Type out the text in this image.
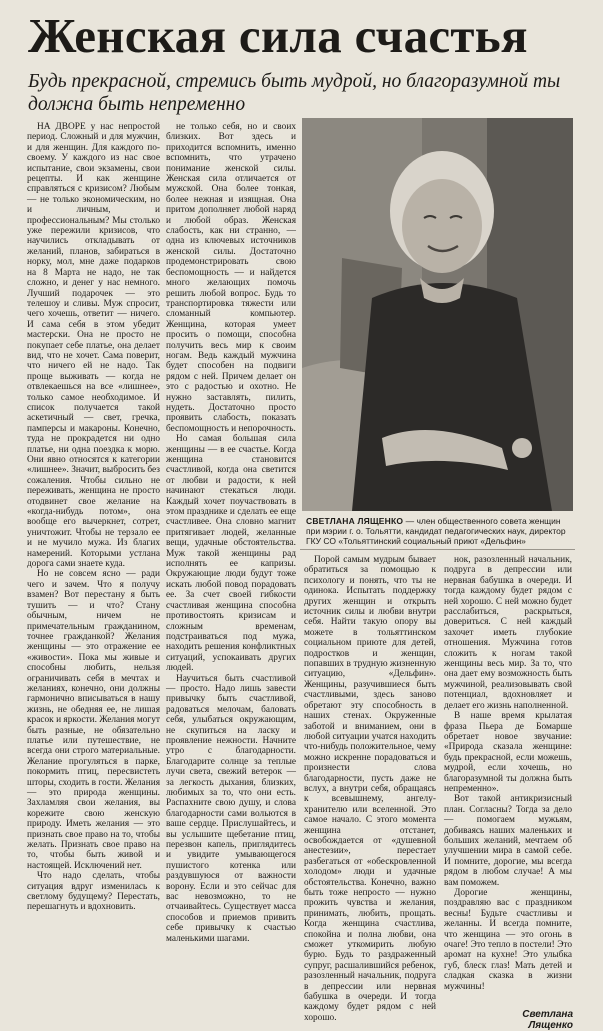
Женская сила счастья
Будь прекрасной, стремись быть мудрой, но благоразумной ты должна быть непременно

НА ДВОРЕ у нас непростой период. Сложный и для мужчин, и для женщин. Для каждого по-своему. У каждого из нас свое испытание, свои экзамены, свои рецепты. И как женщине справляться с кризисом? Любым — не только экономическим, но и личным, и профессиональным? Мы столько уже пережили кризисов, что научились откладывать от желаний, планов, забираться в норку, мол, мне даже подарков на 8 Марта не надо, не так сложно, и денег у нас немного. Лучший подарочек — это телешоу и сливы. Муж спросит, чего хочешь, ответит — ничего. И сама себя в этом убедит мастерски. Она не просто не покупает себе платье, она делает вид, что не хочет. Сама поверит, что ничего ей не надо. Так проще выживать — когда не отвлекаешься на все «лишнее», только самое необходимое. И список получается такой аскетичный — свет, гречка, памперсы и макароны. Конечно, туда не прокрадется ни одно платье, ни одна поездка к морю. Они явно относятся к категории «лишнее». Значит, выбросить без сожаления. Чтобы сильно не переживать, женщина не просто отодвинет свое желание на «когда-нибудь потом», она вообще его вычеркнет, сотрет, уничтожит. Чтобы не терзало ее и не мучило мужа. Из благих намерений. Которыми устлана дорога сами знаете куда.

Но не совсем ясно — ради чего и зачем. Что я получу взамен? Вот перестану я быть тушить — и что? Стану обычным, ничем не примечательным гражданином, точнее гражданкой? Желания женщины — это отражение ее «живости». Пока мы живые и способны любить, нельзя ограничивать себя в мечтах и желаниях, конечно, они должны гармонично вписываться в нашу жизнь, не обедняя ее, не лишая красок и яркости. Желания могут быть разные, не обязательно платье или путешествие, не всегда они строго материальные. Желание прогуляться в парке, покормить птиц, пересвистеть шторы, сходить в гости. Желания — это природа женщины. Захламляя свои желания, вы корежите свою женскую природу. Иметь желания — это признать свое право на то, чтобы желать. Признать свое право на то, чтобы быть живой и настоящей. Исключений нет.

Что надо сделать, чтобы ситуация вдруг изменилась к светлому будущему? Перестать, перешагнуть и вдохновить.

не только себя, но и своих близких. Вот здесь и приходится вспомнить, именно вспомнить, что утрачено понимание женской силы. Женская сила отличается от мужской. Она более тонкая, более нежная и изящная. Она притом дополняет любой наряд и любой образ. Женская слабость, как ни странно, — одна из ключевых источников женской силы. Достаточно продемонстрировать свою беспомощность — и найдется много желающих помочь решить любой вопрос. Будь то транспортировка тяжести или сломанный компьютер. Женщина, которая умеет просить о помощи, способна получить весь мир к своим ногам. Ведь каждый мужчина будет способен на подвиги рядом с ней. Причем делает он это с радостью и охотно. Не нужно заставлять, пилить, нудеть. Достаточно просто проявить слабость, показать беспомощность и непорочность.

Но самая большая сила женщины — в ее счастье. Когда женщина становится счастливой, когда она светится от любви и радости, к ней начинают стекаться люди. Каждый хочет поучаствовать в этом празднике и сделать ее еще счастливее. Она словно магнит притягивает людей, желанные вещи, удачные обстоятельства. Муж такой женщины рад исполнять ее капризы. Окружающие люди будут тоже искать любой повод порадовать ее. За счет своей гибкости счастливая женщина способна противостоять кризисам и сложным временам, подстраиваться под мужа, находить решения конфликтных ситуаций, успокаивать других людей.

Научиться быть счастливой — просто. Надо лишь завести привычку быть счастливой, радоваться мелочам, баловать себя, улыбаться окружающим, не скупиться на ласку и проявление нежности. Начните утро с благодарности. Благодарите солнце за теплые лучи света, свежий ветерок — за легкость дыхания, близких, любимых за то, что они есть. Распахните свою душу, и слова благодарности сами вольются в ваше сердце. Прислушайтесь, и вы услышите щебетание птиц, перезвон капель, приглядитесь и увидите умывающегося пушистого котенка или раздувшуюся от важности ворону. Если и это сейчас для вас невозможно, то не отчаивайтесь. Существует масса способов и приемов привить себе привычку к счастью маленькими шагами.

СВЕТЛАНА ЛЯЩЕНКО — член общественного совета женщин при мэрии г. о. Тольятти, кандидат педагогических наук, директор ГКУ СО «Тольяттинский социальный приют «Дельфин»

Порой самым мудрым бывает обратиться за помощью к психологу и понять, что ты не одинока. Испытать поддержку других женщин и открыть источник силы и любви внутри себя. Найти такую опору вы можете в тольяттинском социальном приюте для детей, подростков и женщин, попавших в трудную жизненную ситуацию, «Дельфин». Женщины, разучившиеся быть счастливыми, здесь заново обретают эту способность в наших стенах. Окруженные заботой и вниманием, они в любой ситуации учатся находить что-нибудь положительное, чему можно искренне порадоваться и произнести слова благодарности, пусть даже не вслух, а внутри себя, обращаясь к всевышнему, ангелу-хранителю или вселенной. Это самое начало. С этого момента женщина отстанет, освобождается от «душевной анестезии», перестает разбегаться от «обескровленной холодом» люди и удачные обстоятельства. Конечно, важно быть тоже непросто — нужно прожить чувства и желания, принимать, любить, прощать. Когда женщина счастлива, спокойна и полна любви, она сможет уткомирить любую бурю. Будь то раздраженный супруг, расшалившийся ребенок, разозленный начальник, подруга в депрессии или нервная бабушка в очереди. И тогда каждому будет рядом с ней хорошо.

нок, разозленный начальник, подруга в депрессии или нервная бабушка в очереди. И тогда каждому будет рядом с ней хорошо. С ней можно будет расслабиться, раскрыться, довериться. С ней каждый захочет иметь глубокие отношения. Мужчина готов сложить к ногам такой женщины весь мир. За то, что она дает ему возможность быть мужчиной, реализовывать свой потенциал, вдохновляет и делает его жизнь наполненной.

В наше время крылатая фраза Пьера де Бомарше обретает новое звучание: «Природа сказала женщине: будь прекрасной, если можешь, мудрой, если хочешь, но благоразумной ты должна быть непременно».

Вот такой антикризисный план. Согласны? Тогда за дело — помогаем мужьям, добиваясь наших маленьких и больших желаний, мечтаем об улучшении мира в самой себе. И помните, дорогие, мы всегда рядом в любом случае! А мы вам поможем.

Дорогие женщины, поздравляю вас с праздником весны! Будьте счастливы и желанны. И всегда помните, что женщина — это огонь в очаге! Это тепло в постели! Это аромат на кухне! Это улыбка губ, блеск глаз! Мать детей и сладкая сказка в жизни мужчины!

Светлана Лященко
